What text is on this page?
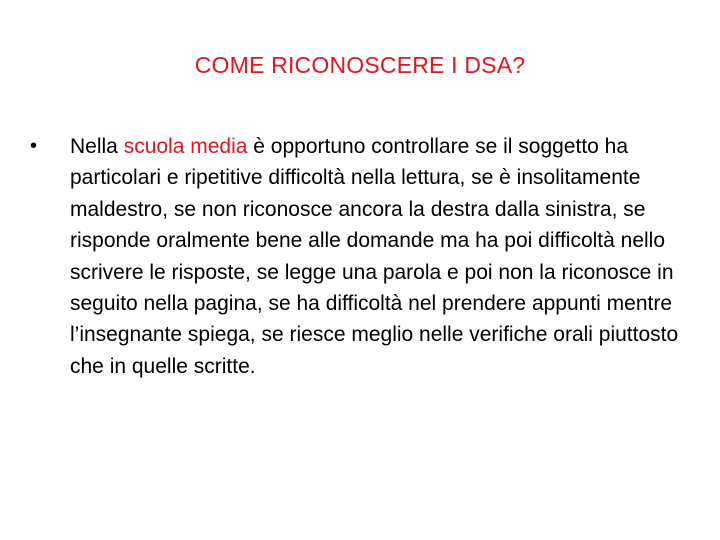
COME RICONOSCERE I DSA?
•	Nella scuola media è opportuno controllare se il soggetto ha particolari e ripetitive difficoltà nella lettura, se è insolitamente maldestro, se non riconosce ancora la destra dalla sinistra, se risponde oralmente bene alle domande ma ha poi difficoltà nello scrivere le risposte, se legge una parola e poi non la riconosce in seguito nella pagina, se ha difficoltà nel prendere appunti mentre l’insegnante spiega, se riesce meglio nelle verifiche orali piuttosto che in quelle scritte.
